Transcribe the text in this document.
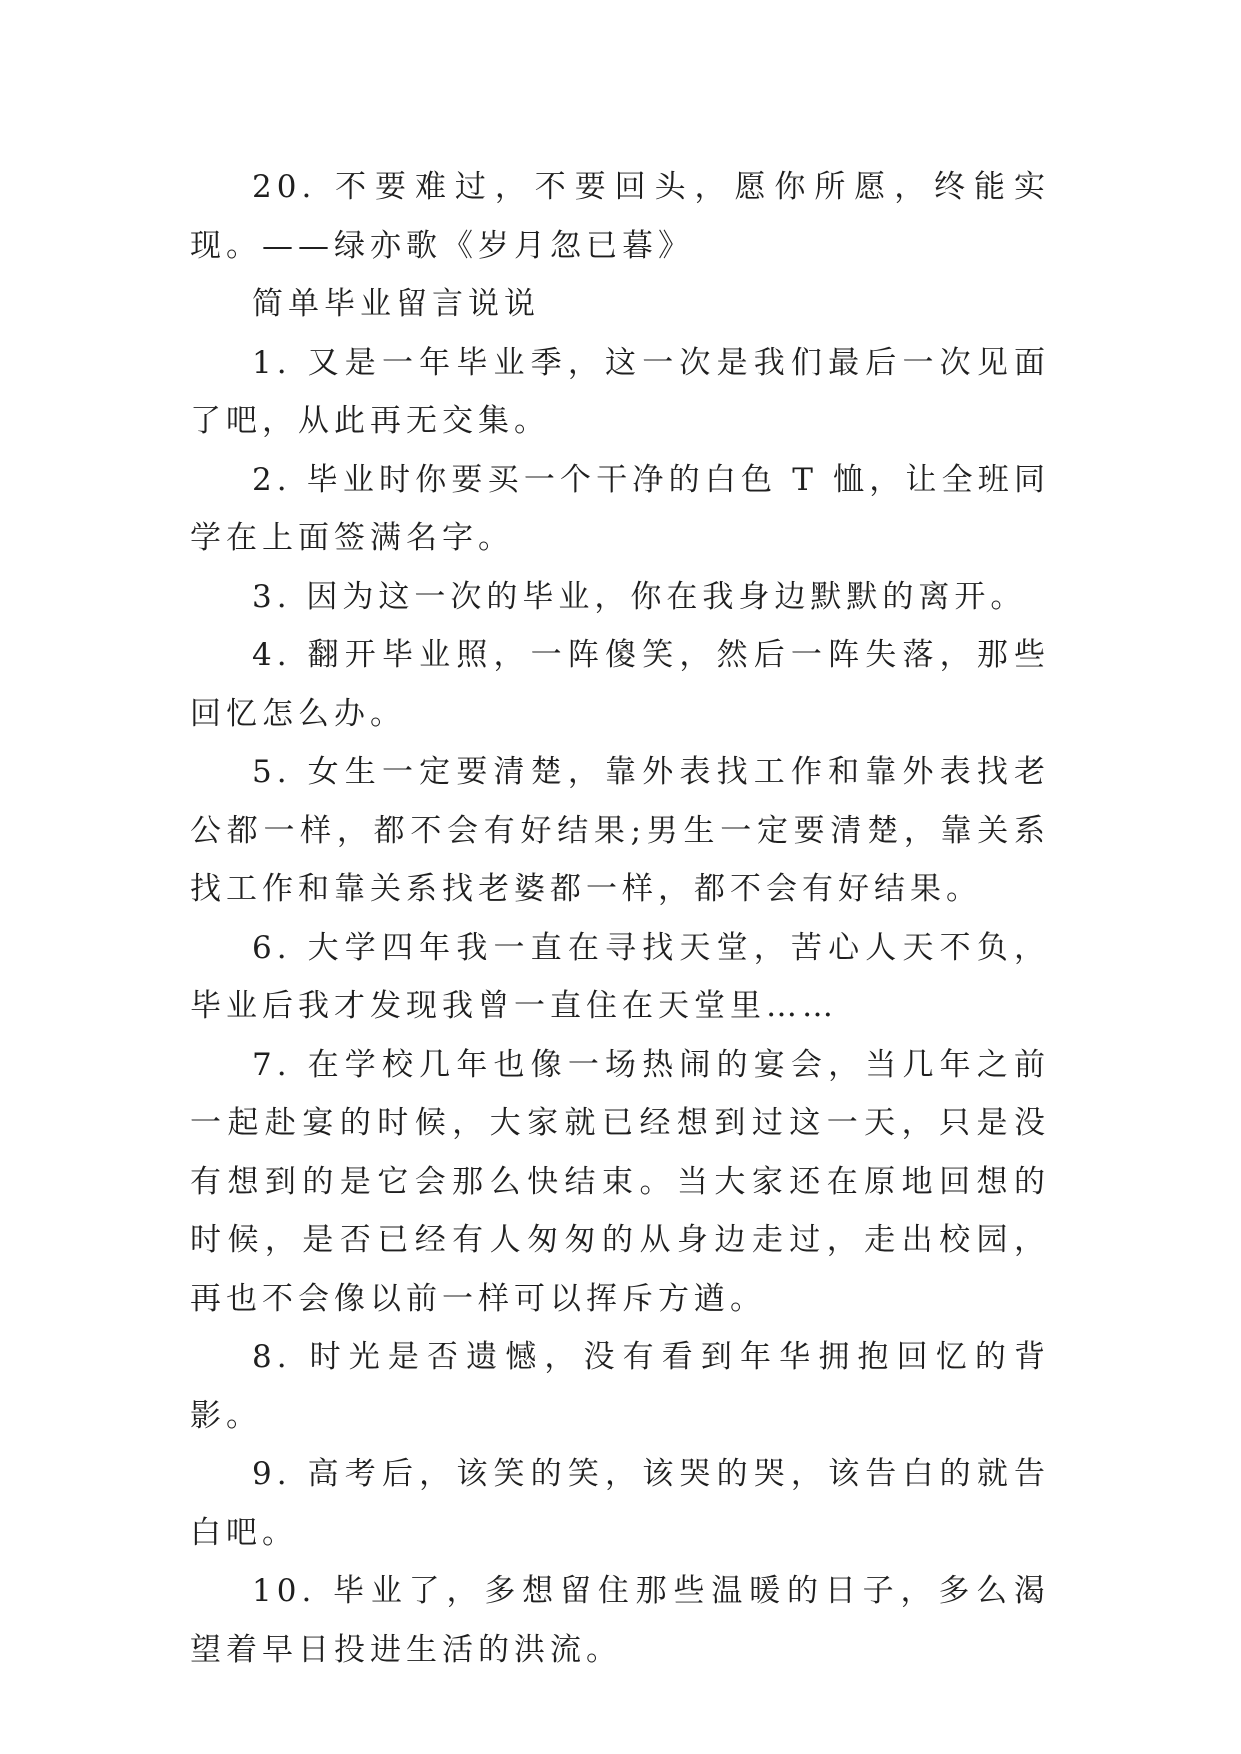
20. 不要难过，不要回头，愿你所愿，终能实现。——绿亦歌《岁月忽已暮》

简单毕业留言说说

1. 又是一年毕业季，这一次是我们最后一次见面了吧，从此再无交集。

2. 毕业时你要买一个干净的白色 T 恤，让全班同学在上面签满名字。

3. 因为这一次的毕业，你在我身边默默的离开。

4. 翻开毕业照，一阵傻笑，然后一阵失落，那些回忆怎么办。

5. 女生一定要清楚，靠外表找工作和靠外表找老公都一样，都不会有好结果;男生一定要清楚，靠关系找工作和靠关系找老婆都一样，都不会有好结果。

6. 大学四年我一直在寻找天堂，苦心人天不负，毕业后我才发现我曾一直住在天堂里……

7. 在学校几年也像一场热闹的宴会，当几年之前一起赴宴的时候，大家就已经想到过这一天，只是没有想到的是它会那么快结束。当大家还在原地回想的时候，是否已经有人匆匆的从身边走过，走出校园，再也不会像以前一样可以挥斥方遒。

8. 时光是否遗憾，没有看到年华拥抱回忆的背影。

9. 高考后，该笑的笑，该哭的哭，该告白的就告白吧。

10. 毕业了，多想留住那些温暖的日子，多么渴望着早日投进生活的洪流。
